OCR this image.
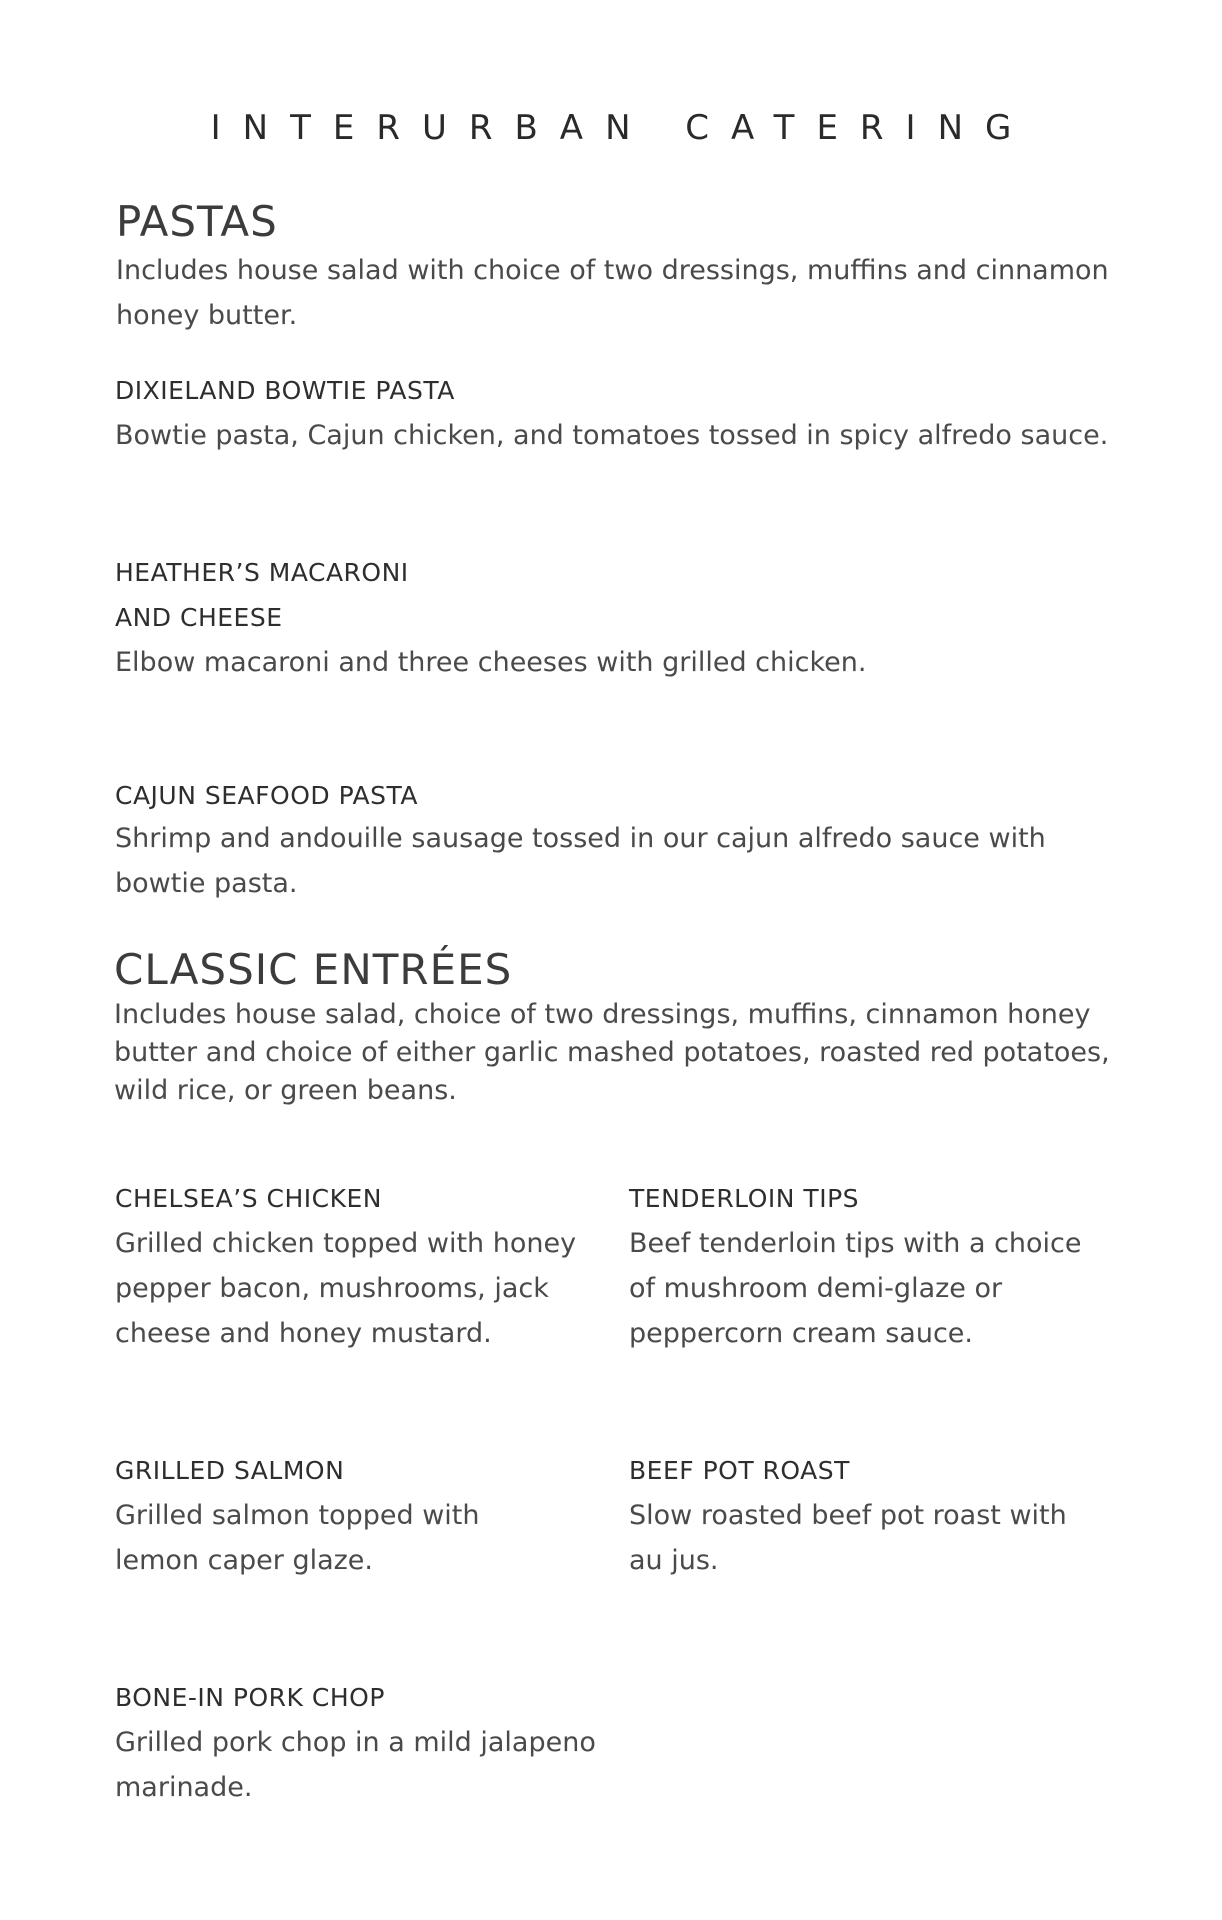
INTERURBAN CATERING
PASTAS

Includes house salad with choice of two dressings, muffins and cinnamon honey butter.

DIXIELAND BOWTIE PASTA
Bowtie pasta, Cajun chicken, and tomatoes tossed in spicy alfredo sauce.
HEATHER’S MACARONI
AND CHEESE
Elbow macaroni and three cheeses with grilled chicken.
CAJUN SEAFOOD PASTA
Shrimp and andouille sausage tossed in our cajun alfredo sauce with bowtie pasta.
CLASSIC ENTRÉES

Includes house salad, choice of two dressings, muffins, cinnamon honey butter and choice of either garlic mashed potatoes, roasted red potatoes, wild rice, or green beans.

CHELSEA’S CHICKEN
Grilled chicken topped with honey pepper bacon, mushrooms, jack cheese and honey mustard.
TENDERLOIN TIPS
Beef tenderloin tips with a choice of mushroom demi-glaze or peppercorn cream sauce.
GRILLED SALMON
Grilled salmon topped with lemon caper glaze.
BEEF POT ROAST
Slow roasted beef pot roast with au jus.
BONE-IN PORK CHOP
Grilled pork chop in a mild jalapeno marinade.
